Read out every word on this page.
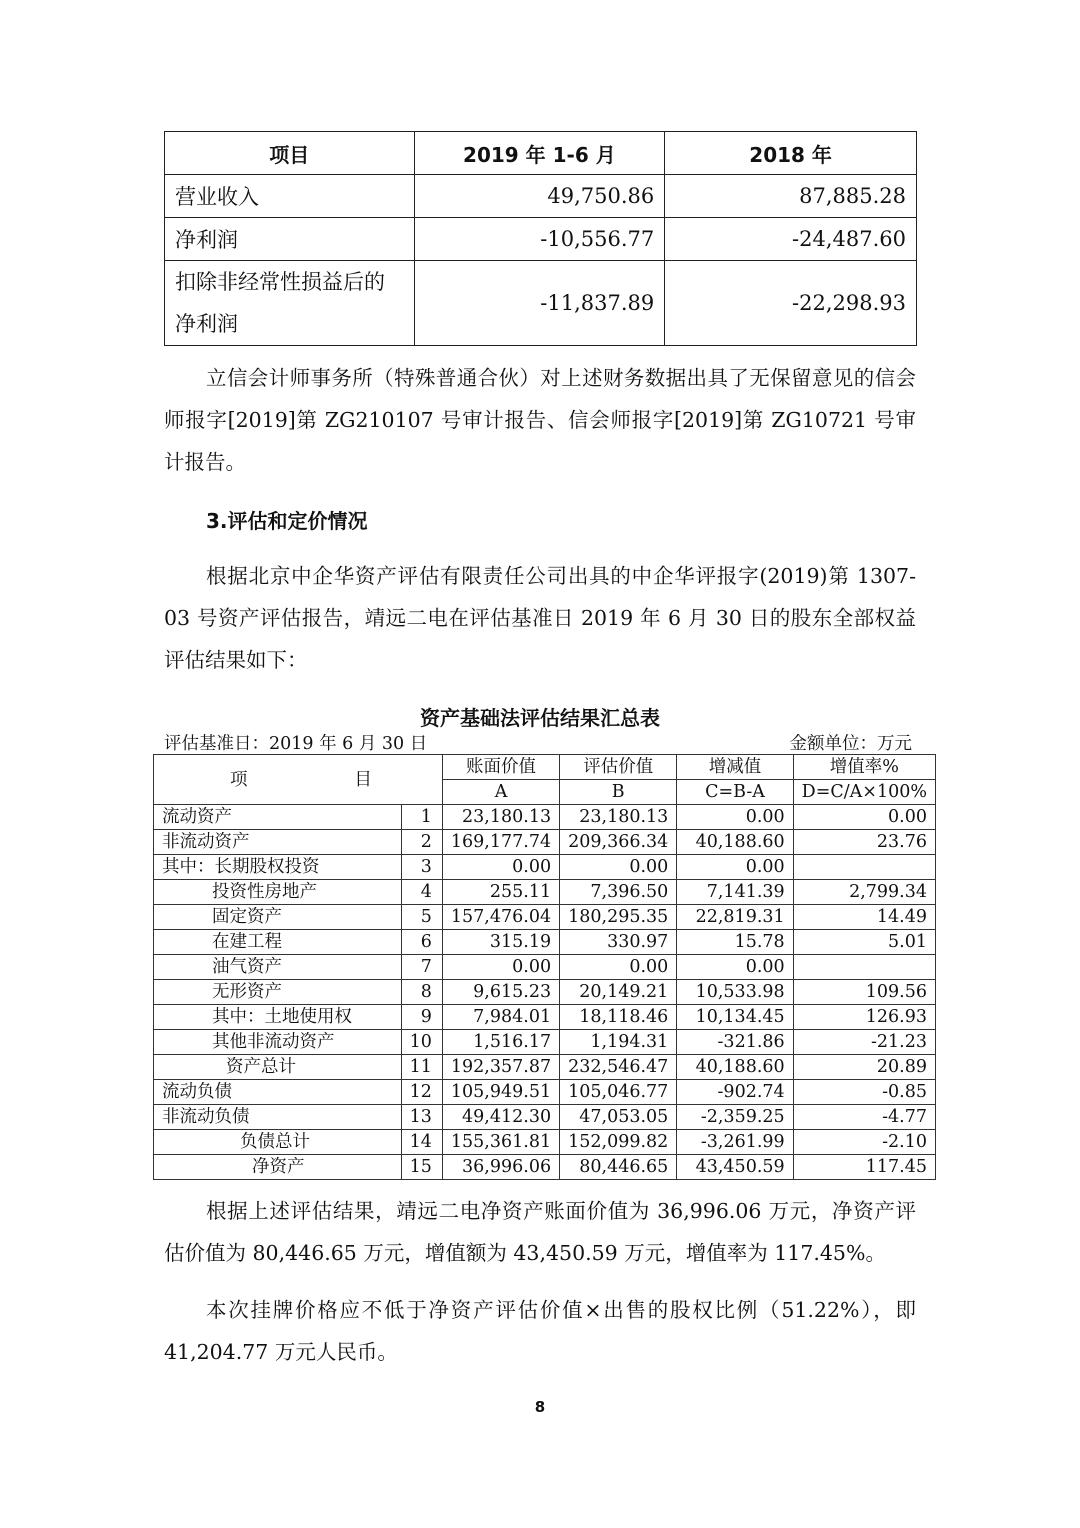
项目	2019 年 1-6 月	2018 年
营业收入	49,750.86	87,885.28
净利润	-10,556.77	-24,487.60

扣除非经常性损益后的
净利润	-11,837.89	-22,298.93
立信会计师事务所（特殊普通合伙）对上述财务数据出具了无保留意见的信会师报字[2019]第 ZG210107 号审计报告、信会师报字[2019]第 ZG10721 号审计报告。
3.评估和定价情况
根据北京中企华资产评估有限责任公司出具的中企华评报字(2019)第 1307-03 号资产评估报告，靖远二电在评估基准日 2019 年 6 月 30 日的股东全部权益评估结果如下：
资产基础法评估结果汇总表
评估基准日：2019 年 6 月 30 日	金额单位：万元
项 目		账面价值	评估价值	增减值	增值率%
		A	B	C=B-A	D=C/A×100%
流动资产	1	23,180.13	23,180.13	0.00	0.00
非流动资产	2	169,177.74	209,366.34	40,188.60	23.76
其中：长期股权投资	3	0.00	0.00	0.00	
投资性房地产	4	255.11	7,396.50	7,141.39	2,799.34
固定资产	5	157,476.04	180,295.35	22,819.31	14.49
在建工程	6	315.19	330.97	15.78	5.01
油气资产	7	0.00	0.00	0.00	
无形资产	8	9,615.23	20,149.21	10,533.98	109.56
其中：土地使用权	9	7,984.01	18,118.46	10,134.45	126.93
其他非流动资产	10	1,516.17	1,194.31	-321.86	-21.23
资产总计	11	192,357.87	232,546.47	40,188.60	20.89
流动负债	12	105,949.51	105,046.77	-902.74	-0.85
非流动负债	13	49,412.30	47,053.05	-2,359.25	-4.77
负债总计	14	155,361.81	152,099.82	-3,261.99	-2.10
净资产	15	36,996.06	80,446.65	43,450.59	117.45
根据上述评估结果，靖远二电净资产账面价值为 36,996.06 万元，净资产评估价值为 80,446.65 万元，增值额为 43,450.59 万元，增值率为 117.45%。
本次挂牌价格应不低于净资产评估价值×出售的股权比例（51.22%），即 41,204.77 万元人民币。
8
